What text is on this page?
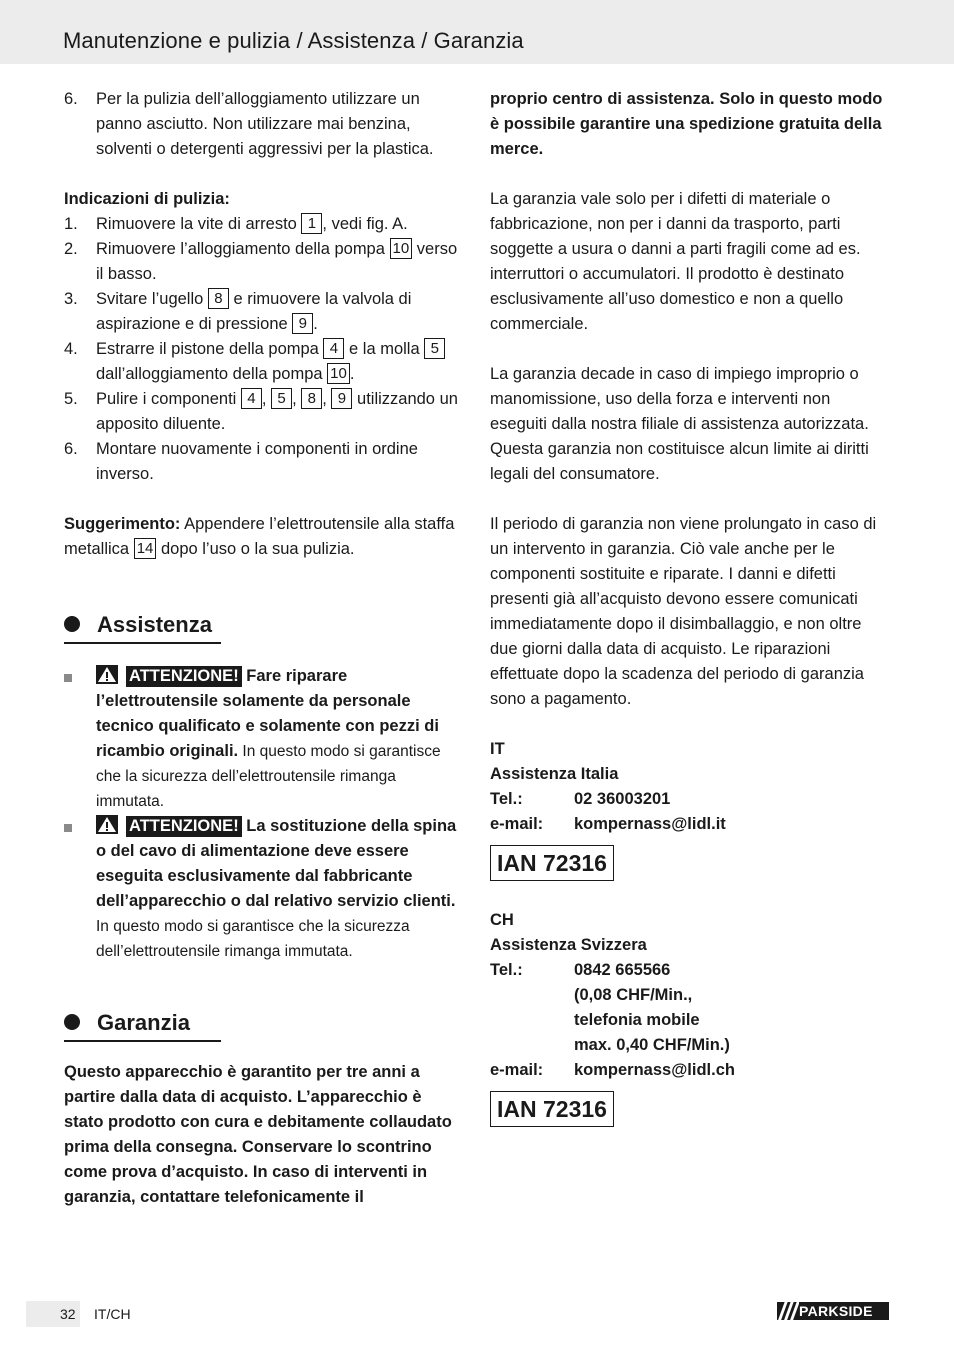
Manutenzione e pulizia / Assistenza / Garanzia
6. Per la pulizia dell’alloggiamento utilizzare un panno asciutto. Non utilizzare mai benzina, solventi o detergenti aggressivi per la plastica.
Indicazioni di pulizia:
1. Rimuovere la vite di arresto 1 , vedi fig. A.
2. Rimuovere l’alloggiamento della pompa 10 verso il basso.
3. Svitare l’ugello 8 e rimuovere la valvola di aspirazione e di pressione 9 .
4. Estrarre il pistone della pompa 4 e la molla 5 dall’alloggiamento della pompa 10 .
5. Pulire i componenti 4 , 5 , 8 , 9 utilizzando un apposito diluente.
6. Montare nuovamente i componenti in ordine inverso.
Suggerimento: Appendere l’elettroutensile alla staffa metallica 14 dopo l’uso o la sua pulizia.
Assistenza
ATTENZIONE! Fare riparare l’elettroutensile solamente da personale tecnico qualificato e solamente con pezzi di ricambio originali. In questo modo si garantisce che la sicurezza dell’elettroutensile rimanga immutata.
ATTENZIONE! La sostituzione della spina o del cavo di alimentazione deve essere eseguita esclusivamente dal fabbricante dell’apparecchio o dal relativo servizio clienti. In questo modo si garantisce che la sicurezza dell’elettroutensile rimanga immutata.
Garanzia
Questo apparecchio è garantito per tre anni a partire dalla data di acquisto. L’apparecchio è stato prodotto con cura e debitamente collaudato prima della consegna. Conservare lo scontrino come prova d’acquisto. In caso di interventi in garanzia, contattare telefonicamente il
proprio centro di assistenza. Solo in questo modo è possibile garantire una spedizione gratuita della merce.
La garanzia vale solo per i difetti di materiale o fabbricazione, non per i danni da trasporto, parti soggette a usura o danni a parti fragili come ad es. interruttori o accumulatori. Il prodotto è destinato esclusivamente all’uso domestico e non a quello commerciale.
La garanzia decade in caso di impiego improprio o manomissione, uso della forza e interventi non eseguiti dalla nostra filiale di assistenza autorizzata. Questa garanzia non costituisce alcun limite ai diritti legali del consumatore.
Il periodo di garanzia non viene prolungato in caso di un intervento in garanzia. Ciò vale anche per le componenti sostituite e riparate. I danni e difetti presenti già all’acquisto devono essere comunicati immediatamente dopo il disimballaggio, e non oltre due giorni dalla data di acquisto. Le riparazioni effettuate dopo la scadenza del periodo di garanzia sono a pagamento.
IT
Assistenza Italia
Tel.:	02 36003201
e-mail:	kompernass@lidl.it
IAN 72316
CH
Assistenza Svizzera
Tel.:	0842 665566
(0,08 CHF/Min.,
telefonia mobile
max. 0,40 CHF/Min.)
e-mail:	kompernass@lidl.ch
IAN 72316
32 IT/CH	PARKSIDE
